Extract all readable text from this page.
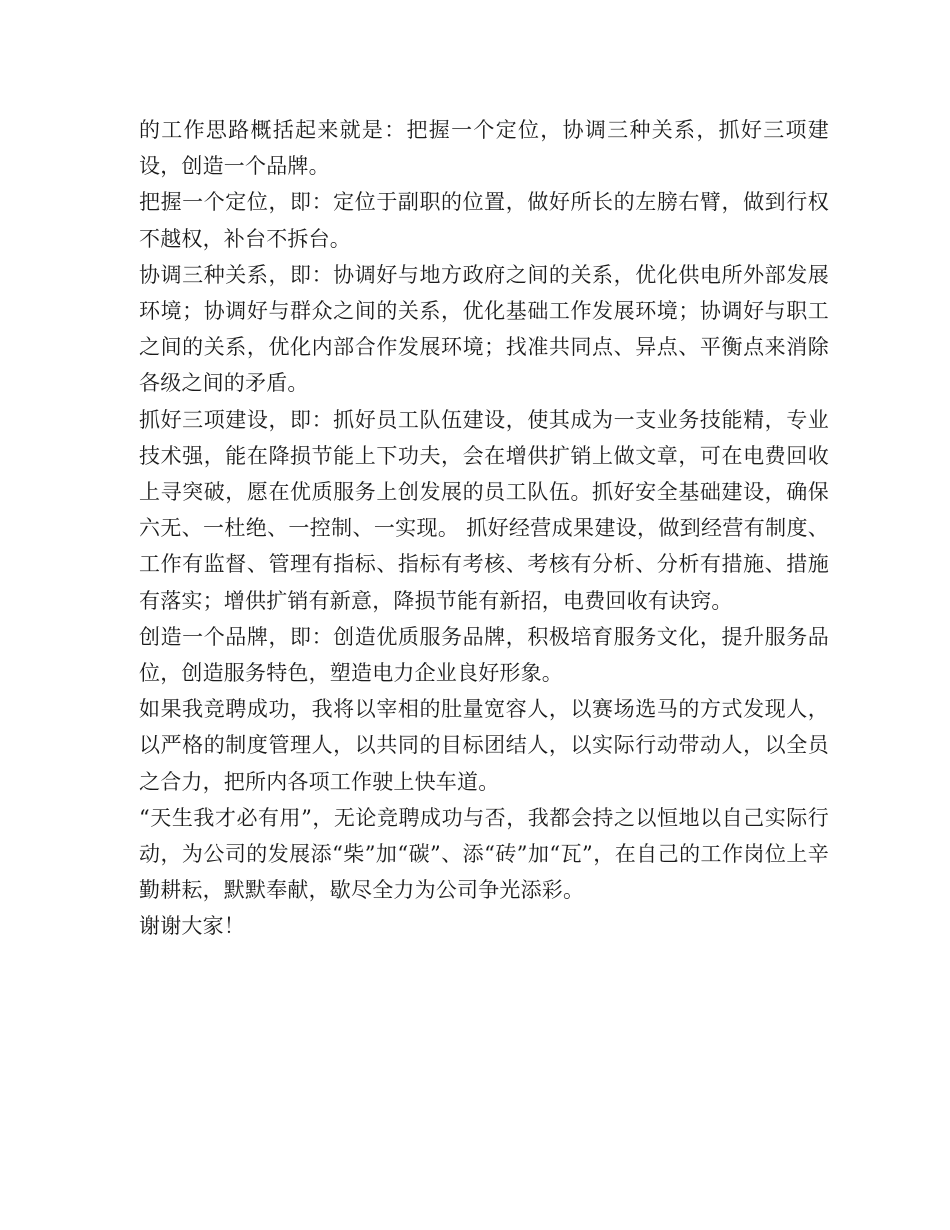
的工作思路概括起来就是：把握一个定位，协调三种关系，抓好三项建设，创造一个品牌。

把握一个定位，即：定位于副职的位置，做好所长的左膀右臂，做到行权不越权，补台不拆台。

协调三种关系，即：协调好与地方政府之间的关系，优化供电所外部发展环境；协调好与群众之间的关系，优化基础工作发展环境；协调好与职工之间的关系，优化内部合作发展环境；找准共同点、异点、平衡点来消除各级之间的矛盾。

抓好三项建设，即：抓好员工队伍建设，使其成为一支业务技能精，专业技术强，能在降损节能上下功夫，会在增供扩销上做文章，可在电费回收上寻突破，愿在优质服务上创发展的员工队伍。抓好安全基础建设，确保六无、一杜绝、一控制、一实现。 抓好经营成果建设，做到经营有制度、工作有监督、管理有指标、指标有考核、考核有分析、分析有措施、措施有落实；增供扩销有新意，降损节能有新招，电费回收有诀窍。

创造一个品牌，即：创造优质服务品牌，积极培育服务文化，提升服务品位，创造服务特色，塑造电力企业良好形象。

如果我竞聘成功，我将以宰相的肚量宽容人，以赛场选马的方式发现人，以严格的制度管理人，以共同的目标团结人，以实际行动带动人，以全员之合力，把所内各项工作驶上快车道。

“天生我才必有用”，无论竞聘成功与否，我都会持之以恒地以自己实际行动，为公司的发展添“柴”加“碳”、添“砖”加“瓦”，在自己的工作岗位上辛勤耕耘，默默奉献，歇尽全力为公司争光添彩。

谢谢大家！
